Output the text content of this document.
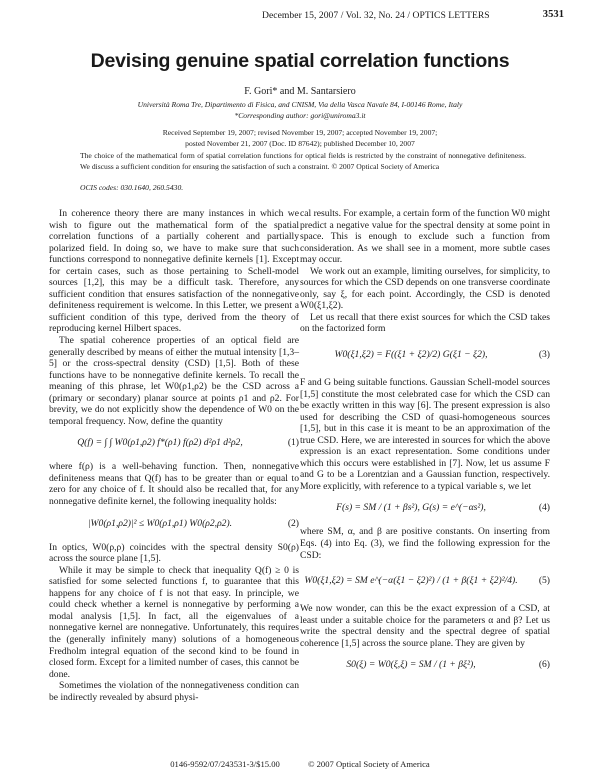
December 15, 2007 / Vol. 32, No. 24 / OPTICS LETTERS	3531
Devising genuine spatial correlation functions
F. Gori* and M. Santarsiero
Università Roma Tre, Dipartimento di Fisica, and CNISM, Via della Vasca Navale 84, I-00146 Rome, Italy
*Corresponding author: gori@uniroma3.it
Received September 19, 2007; revised November 19, 2007; accepted November 19, 2007;
posted November 21, 2007 (Doc. ID 87642); published December 10, 2007
The choice of the mathematical form of spatial correlation functions for optical fields is restricted by the constraint of nonnegative definiteness. We discuss a sufficient condition for ensuring the satisfaction of such a constraint. © 2007 Optical Society of America
OCIS codes: 030.1640, 260.5430.

In coherence theory there are many instances in which we wish to figure out the mathematical form of the spatial correlation functions of a partially coherent and partially polarized field. In doing so, we have to make sure that such functions correspond to nonnegative definite kernels [1]. Except for certain cases, such as those pertaining to Schell-model sources [1,2], this may be a difficult task. Therefore, any sufficient condition that ensures satisfaction of the nonnegative definiteness requirement is welcome. In this Letter, we present a sufficient condition of this type, derived from the theory of reproducing kernel Hilbert spaces.

The spatial coherence properties of an optical field are generally described by means of either the mutual intensity [1,3–5] or the cross-spectral density (CSD) [1,5]. Both of these functions have to be nonnegative definite kernels. To recall the meaning of this phrase, let W0(ρ1,ρ2) be the CSD across a (primary or secondary) planar source at points ρ1 and ρ2. For brevity, we do not explicitly show the dependence of W0 on the temporal frequency. Now, define the quantity

Q(f) = ∫ ∫ W0(ρ1,ρ2) f*(ρ1) f(ρ2) d²ρ1 d²ρ2,	(1)

where f(ρ) is a well-behaving function. Then, nonnegative definiteness means that Q(f) has to be greater than or equal to zero for any choice of f. It should also be recalled that, for any nonnegative definite kernel, the following inequality holds:

|W0(ρ1,ρ2)|² ≤ W0(ρ1,ρ1) W0(ρ2,ρ2).	(2)

In optics, W0(ρ,ρ) coincides with the spectral density S0(ρ) across the source plane [1,5].

While it may be simple to check that inequality Q(f) ≥ 0 is satisfied for some selected functions f, to guarantee that this happens for any choice of f is not that easy. In principle, we could check whether a kernel is nonnegative by performing a modal analysis [1,5]. In fact, all the eigenvalues of a nonnegative kernel are nonnegative. Unfortunately, this requires the (generally infinitely many) solutions of a homogeneous Fredholm integral equation of the second kind to be found in closed form. Except for a limited number of cases, this cannot be done.

Sometimes the violation of the nonnegativeness condition can be indirectly revealed by absurd physi-

cal results. For example, a certain form of the function W0 might predict a negative value for the spectral density at some point in space. This is enough to exclude such a function from consideration. As we shall see in a moment, more subtle cases may occur.

We work out an example, limiting ourselves, for simplicity, to sources for which the CSD depends on one transverse coordinate only, say ξ, for each point. Accordingly, the CSD is denoted W0(ξ1,ξ2).

Let us recall that there exist sources for which the CSD takes on the factorized form

W0(ξ1,ξ2) = F((ξ1 + ξ2)/2) G(ξ1 − ξ2),	(3)

F and G being suitable functions. Gaussian Schell-model sources [1,5] constitute the most celebrated case for which the CSD can be exactly written in this way [6]. The present expression is also used for describing the CSD of quasi-homogeneous sources [1,5], but in this case it is meant to be an approximation of the true CSD. Here, we are interested in sources for which the above expression is an exact representation. Some conditions under which this occurs were established in [7]. Now, let us assume F and G to be a Lorentzian and a Gaussian function, respectively. More explicitly, with reference to a typical variable s, we let

F(s) = SM / (1 + βs²), G(s) = e^(−αs²),	(4)

where SM, α, and β are positive constants. On inserting from Eqs. (4) into Eq. (3), we find the following expression for the CSD:

W0(ξ1,ξ2) = SM e^(−α(ξ1 − ξ2)²) / (1 + β(ξ1 + ξ2)²/4).	(5)

We now wonder, can this be the exact expression of a CSD, at least under a suitable choice for the parameters α and β? Let us write the spectral density and the spectral degree of spatial coherence [1,5] across the source plane. They are given by

S0(ξ) = W0(ξ,ξ) = SM / (1 + βξ²),	(6)
0146-9592/07/243531-3/$15.00	© 2007 Optical Society of America
